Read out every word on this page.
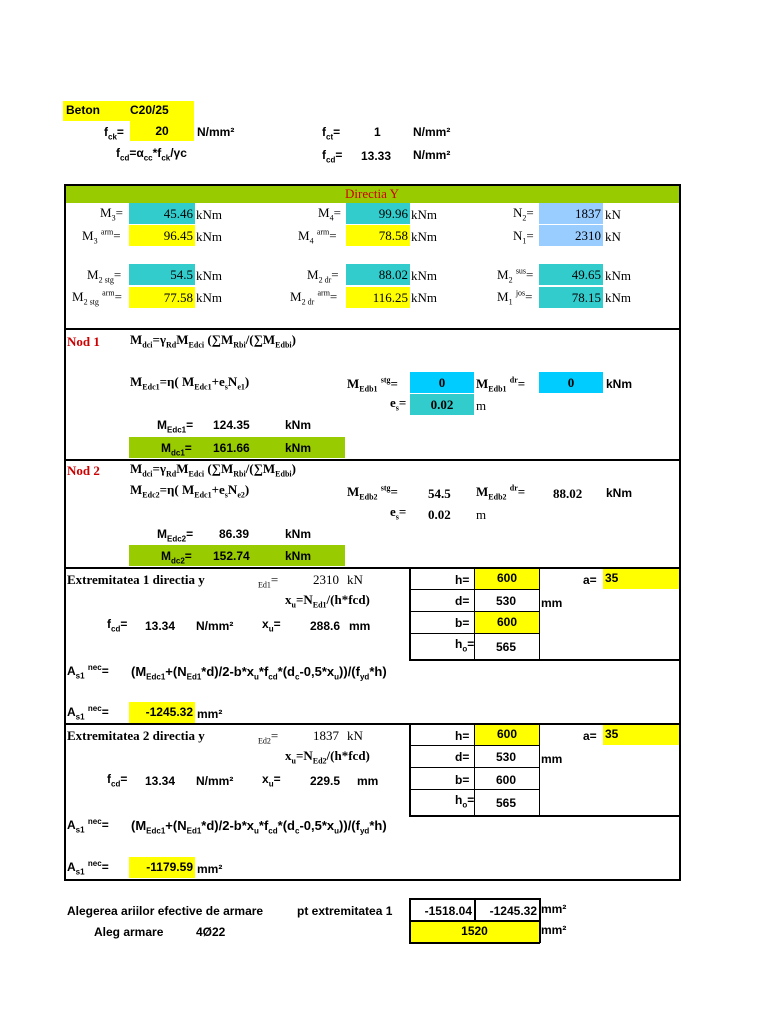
Beton	C20/25
$f_{ck}=$	20	N/mm²	$f_{ct}=$	1	N/mm²
$f_{cd}=\alpha_{cc}*f_{ck}/\gamma c$	$f_{cd}= 13.33$ N/mm²
Directia Y
$M_3=$	45.46 kNm	$M_4=$	99.96 kNm	$N_2=$	1837 kN
$M_3$ $^{arm}$=	96.45 kNm	$M_4$ $^{arm}$=	78.58 kNm	$N_1=$	2310 kN
$M_{2 stg}=$	54.5 kNm	$M_{2 dr}=$	88.02 kNm	$M_2$ $^{sus}$=	49.65 kNm
$M_{2 stg}$ $^{arm}$=	77.58 kNm	$M_{2 dr}$ $^{arm}$=	116.25 kNm	$M_1$ $^{jos}$=	78.15 kNm
Nod 1 $M_{dci}=\gamma_{Rd}M_{Edci}$ ($\sum M_{Rbi}/(\sum M_{Edbi})$
$M_{Edc1}=\eta$( $M_{Edc1}+e_sN_{e1}$)	$M_{Edb1}$ $^{stg}$=	0	$M_{Edb1}$ $^{dr}$=	0	kNm
$e_s=$	0.02	m
$M_{Edc1}= 124.35$	kNm
$M_{dc1}= 161.66$	kNm
Nod 2 $M_{dci}=\gamma_{Rd}M_{Edci}$ ($\sum M_{Rbi}/(\sum M_{Edbi})$
$M_{Edc2}=\eta$( $M_{Edc1}+e_sN_{e2}$)	$M_{Edb2}$ $^{stg}$= 54.5 $M_{Edb2}$ $^{dr}$= 88.02 kNm
$e_s= 0.02$ m
$M_{Edc2}= 86.39$	kNm
$M_{dc2}= 152.74$	kNm
Extremitatea 1 directia y	$_{Ed1}$=	2310 kN
$x_u=N_{Ed1}/(h*fcd)$
$f_{cd}= 13.34$ N/mm² $x_u= 288.6$ mm
h=	600	a= 35
d= 530 mm
b=	600
$h_o= 565$
$A_{s1}$ $^{nec}= (M_{Edc1}+(N_{Ed1}*d)/2-b*x_u*f_{cd}*(d_c-0,5*x_u))/(f_{yd}*h)$
$A_{s1}$ $^{nec}$=	-1245.32 mm²
Extremitatea 2 directia y	$_{Ed2}$=	1837 kN
$x_u=N_{Ed2}/(h*fcd)$
$f_{cd}= 13.34$ N/mm² $x_u= 229.5$ mm
h=	600	a= 35
d= 530 mm
b= 600
$h_o= 565$
$A_{s1}$ $^{nec}= (M_{Edc1}+(N_{Ed1}*d)/2-b*x_u*f_{cd}*(d_c-0,5*x_u))/(f_{yd}*h)$
$A_{s1}$ $^{nec}$=	-1179.59 mm²
Alegerea ariilor efective de armare	pt extremitatea 1	-1518.04	-1245.32 mm²
Aleg armare	4Ø22	1520	mm²
